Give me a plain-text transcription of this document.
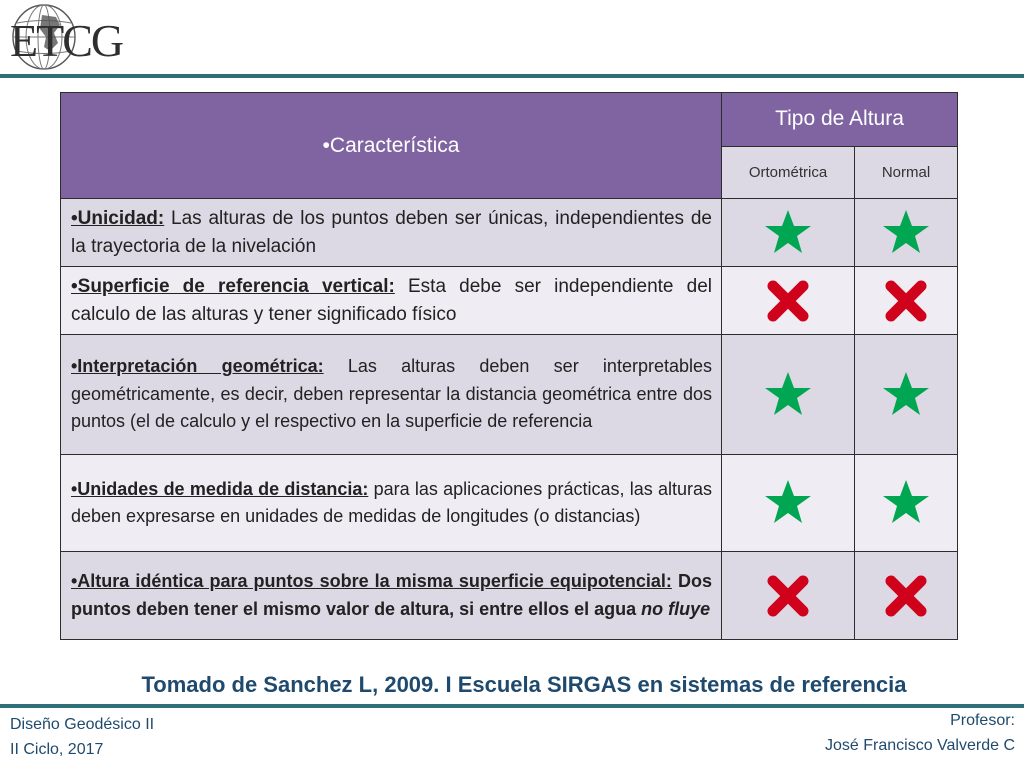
ETCG
•Característica	Tipo de Altura	
	Ortométrica	Normal
•Unicidad: Las alturas de los puntos deben ser únicas, independientes de la trayectoria de la nivelación	

•Superficie de referencia vertical: Esta debe ser independiente del calculo de las alturas y tener significado físico	

•Interpretación geométrica: Las alturas deben ser interpretables geométricamente, es decir, deben representar la distancia geométrica entre dos puntos (el de calculo y el respectivo en la superficie de referencia	

•Unidades de medida de distancia: para las aplicaciones prácticas, las alturas deben expresarse en unidades de medidas de longitudes (o distancias)	

•Altura idéntica para puntos sobre la misma superficie equipotencial: Dos puntos deben tener el mismo valor de altura, si entre ellos el agua no fluye	

Tomado de Sanchez L, 2009. I Escuela SIRGAS en sistemas de referencia
Diseño Geodésico II
II Ciclo, 2017
Profesor:
José Francisco Valverde C
